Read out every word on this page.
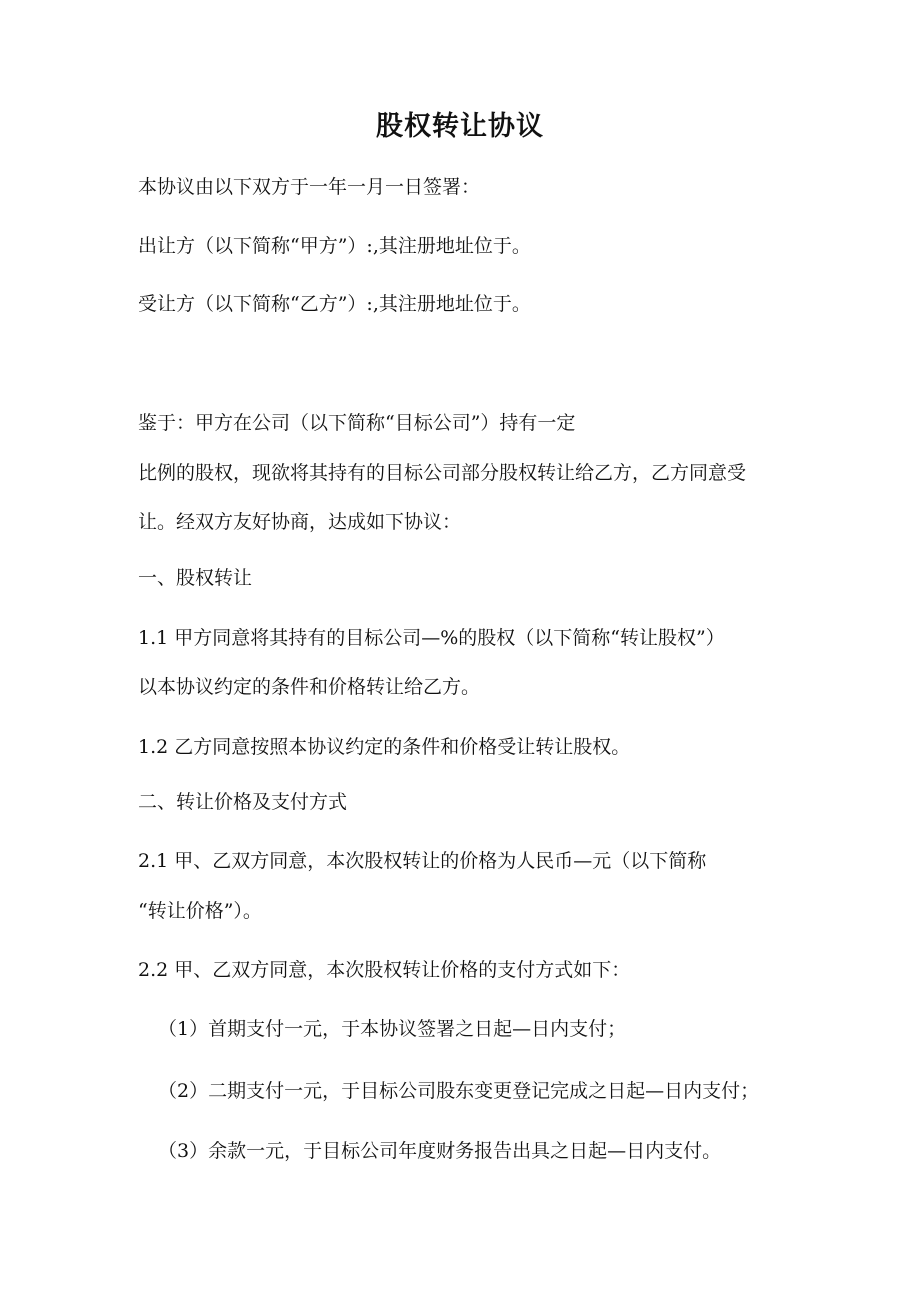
股权转让协议
本协议由以下双方于一年一月一日签署：
出让方（以下简称“甲方”）:,其注册地址位于。
受让方（以下简称“乙方”）:,其注册地址位于。
鉴于：甲方在公司（以下简称“目标公司”）持有一定
比例的股权，现欲将其持有的目标公司部分股权转让给乙方，乙方同意受
让。经双方友好协商，达成如下协议：
一、股权转让
1.1 甲方同意将其持有的目标公司—%的股权（以下简称“转让股权”）
以本协议约定的条件和价格转让给乙方。
1.2 乙方同意按照本协议约定的条件和价格受让转让股权。
二、转让价格及支付方式
2.1 甲、乙双方同意，本次股权转让的价格为人民币—元（以下简称
“转让价格”）。
2.2 甲、乙双方同意，本次股权转让价格的支付方式如下：
（1）首期支付一元，于本协议签署之日起—日内支付；
（2）二期支付一元，于目标公司股东变更登记完成之日起—日内支付；
（3）余款一元，于目标公司年度财务报告出具之日起—日内支付。
